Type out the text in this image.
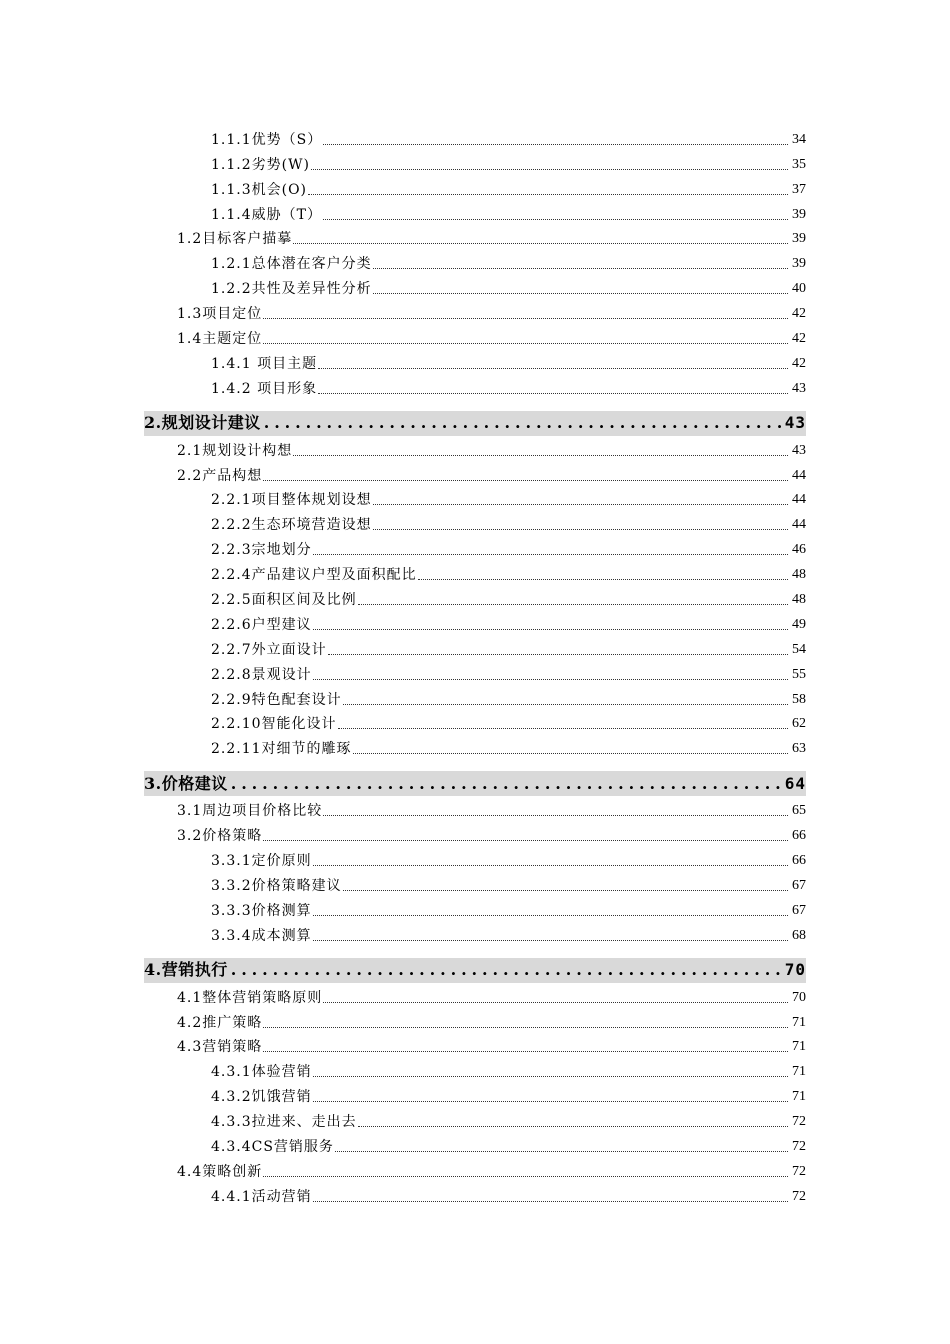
1.1.1优势（S）	34
1.1.2劣势(W)	35
1.1.3机会(O)	37
1.1.4威胁（T）	39
1.2目标客户描摹	39
1.2.1总体潜在客户分类	39
1.2.2共性及差异性分析	40
1.3项目定位	42
1.4主题定位	42
1.4.1 项目主题	42
1.4.2 项目形象	43
2.规划设计建议 .....	43
2.1规划设计构想	43
2.2产品构想	44
2.2.1项目整体规划设想	44
2.2.2生态环境营造设想	44
2.2.3宗地划分	46
2.2.4产品建议户型及面积配比	48
2.2.5面积区间及比例	48
2.2.6户型建议	49
2.2.7外立面设计	54
2.2.8景观设计	55
2.2.9特色配套设计	58
2.2.10智能化设计	62
2.2.11对细节的雕琢	63
3.价格建议 .....	64
3.1周边项目价格比较	65
3.2价格策略	66
3.3.1定价原则	66
3.3.2价格策略建议	67
3.3.3价格测算	67
3.3.4成本测算	68
4.营销执行 .....	70
4.1整体营销策略原则	70
4.2推广策略	71
4.3营销策略	71
4.3.1体验营销	71
4.3.2饥饿营销	71
4.3.3拉进来、走出去	72
4.3.4CS营销服务	72
4.4策略创新	72
4.4.1活动营销	72
